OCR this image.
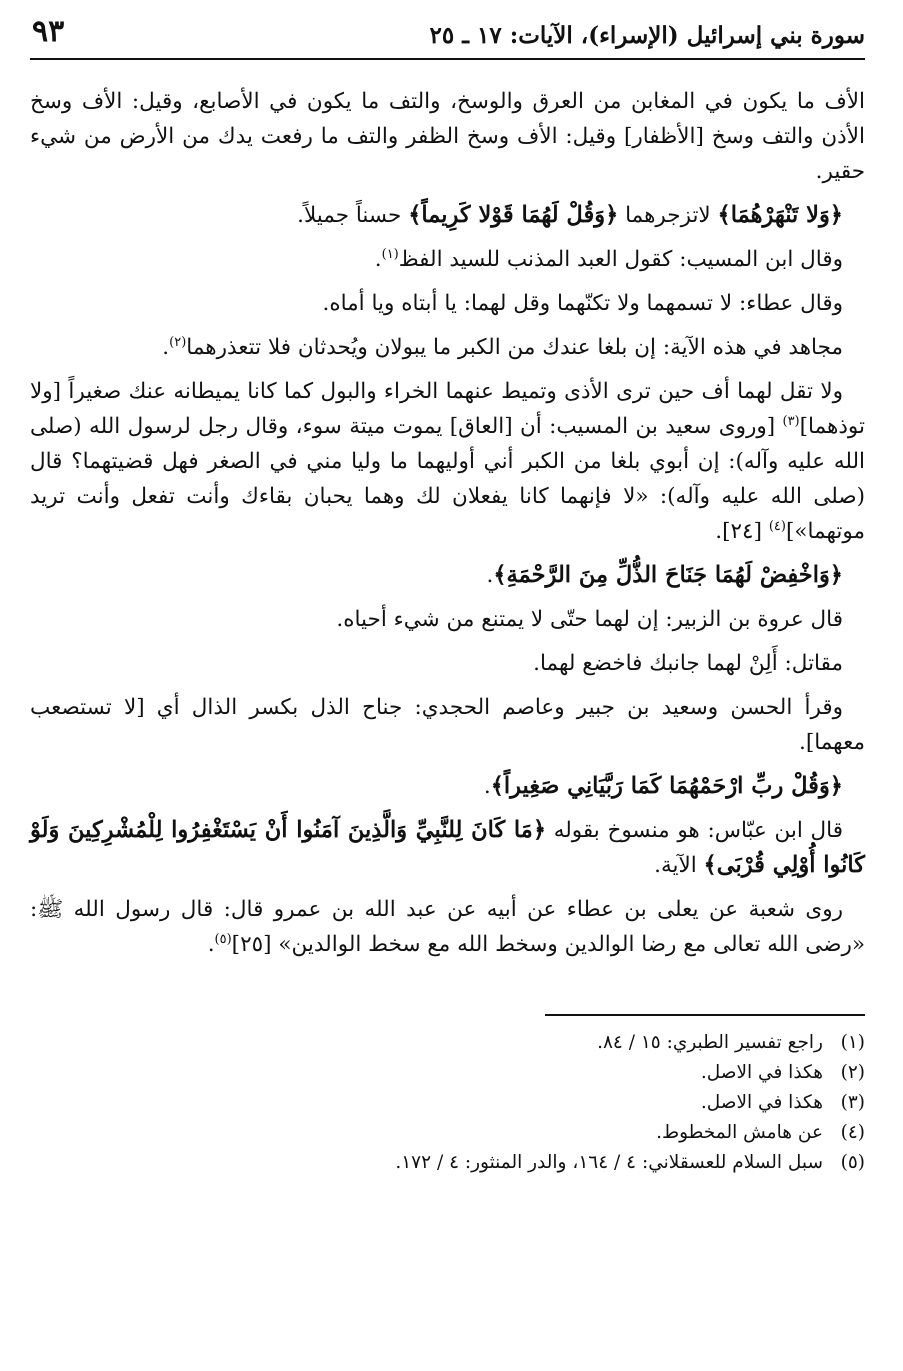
سورة بني إسرائيل (الإسراء)، الآيات: ١٧ ـ ٢٥
٩٣

الأف ما يكون في المغابن من العرق والوسخ، والتف ما يكون في الأصابع، وقيل: الأف وسخ الأذن والتف وسخ [الأظفار] وقيل: الأف وسخ الظفر والتف ما رفعت يدك من الأرض من شيء حقير.

﴿وَلا تَنْهَرْهُمَا﴾ لاتزجرهما ﴿وَقُلْ لَهُمَا قَوْلا كَرِيماً﴾ حسناً جميلاً.

وقال ابن المسيب: كقول العبد المذنب للسيد الفظ$^{(١)}$.

وقال عطاء: لا تسمهما ولا تكنّهما وقل لهما: يا أبتاه ويا أماه.

مجاهد في هذه الآية: إن بلغا عندك من الكبر ما يبولان ويُحدثان فلا تتعذرهما$^{(٢)}$.

ولا تقل لهما أف حين ترى الأذى وتميط عنهما الخراء والبول كما كانا يميطانه عنك صغيراً [ولا توذهما]$^{(٣)}$ [وروى سعيد بن المسيب: أن [العاق] يموت ميتة سوء، وقال رجل لرسول الله (صلى الله عليه وآله): إن أبوي بلغا من الكبر أني أوليهما ما وليا مني في الصغر فهل قضيتهما؟ قال (صلى الله عليه وآله): «لا فإنهما كانا يفعلان لك وهما يحبان بقاءك وأنت تفعل وأنت تريد موتهما»]$^{(٤)}$ [٢٤].

﴿وَاخْفِضْ لَهُمَا جَنَاحَ الذُّلِّ مِنَ الرَّحْمَةِ﴾.

قال عروة بن الزبير: إن لهما حتّى لا يمتنع من شيء أحياه.

مقاتل: أَلِنْ لهما جانبك فاخضع لهما.

وقرأ الحسن وسعيد بن جبير وعاصم الحجدي: جناح الذل بكسر الذال أي [لا تستصعب معهما].

﴿وَقُلْ ربِّ ارْحَمْهُمَا كَمَا رَبَّيَانِي صَغِيراً﴾.

قال ابن عبّاس: هو منسوخ بقوله ﴿مَا كَانَ لِلنَّبِيِّ وَالَّذِينَ آمَنُوا أَنْ يَسْتَغْفِرُوا لِلْمُشْرِكِينَ وَلَوْ كَانُوا أُوْلِي قُرْبَى﴾ الآية.

روى شعبة عن يعلى بن عطاء عن أبيه عن عبد الله بن عمرو قال: قال رسول الله ﷺ: «رضى الله تعالى مع رضا الوالدين وسخط الله مع سخط الوالدين» [٢٥]$^{(٥)}$.

(١)
راجع تفسير الطبري: ١٥ / ٨٤.
(٢)
هكذا في الاصل.
(٣)
هكذا في الاصل.
(٤)
عن هامش المخطوط.
(٥)
سبل السلام للعسقلاني: ٤ / ١٦٤، والدر المنثور: ٤ / ١٧٢.
